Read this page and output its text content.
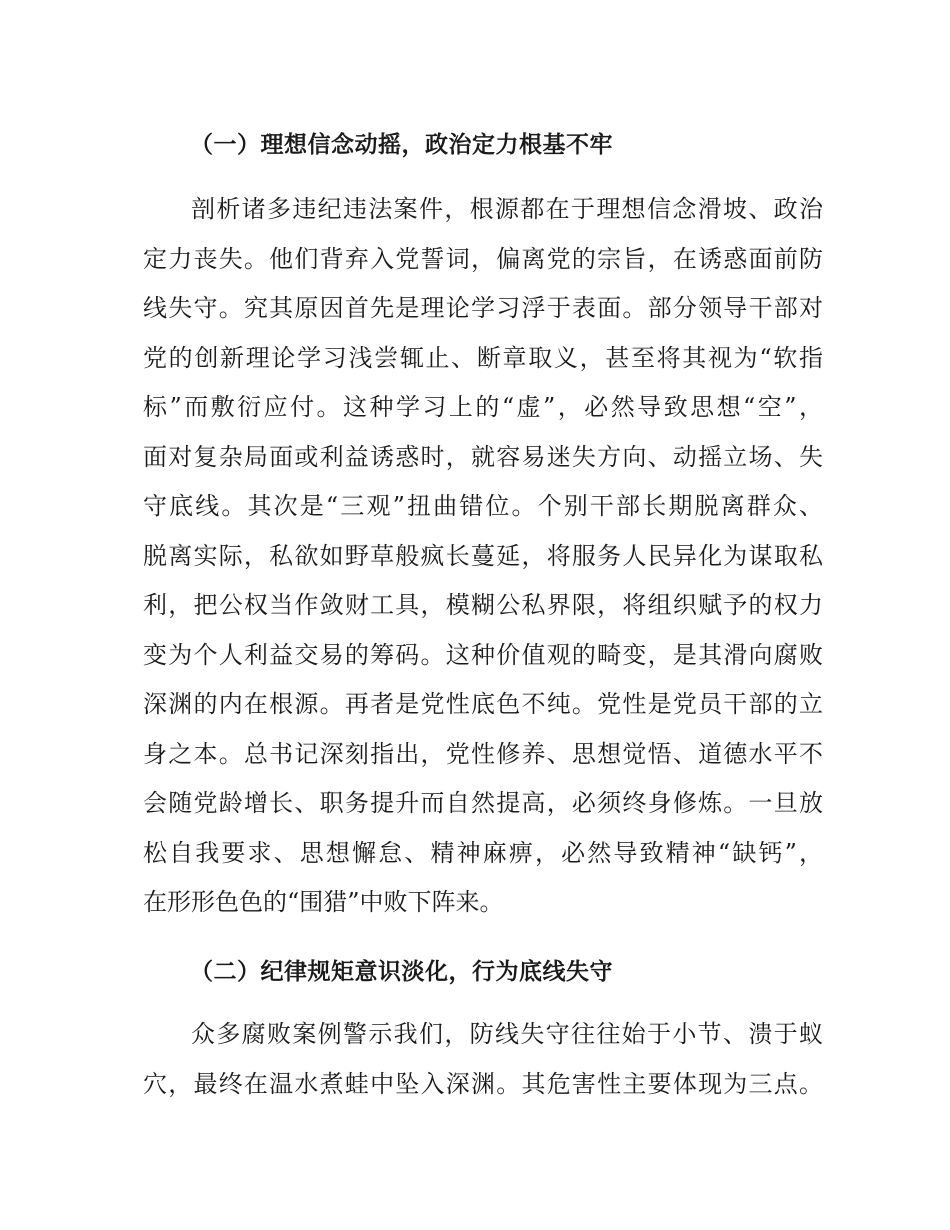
（一）理想信念动摇，政治定力根基不牢
剖析诸多违纪违法案件，根源都在于理想信念滑坡、政治
定力丧失。他们背弃入党誓词，偏离党的宗旨，在诱惑面前防
线失守。究其原因首先是理论学习浮于表面。部分领导干部对
党的创新理论学习浅尝辄止、断章取义，甚至将其视为“软指
标”而敷衍应付。这种学习上的“虚”，必然导致思想“空”，
面对复杂局面或利益诱惑时，就容易迷失方向、动摇立场、失
守底线。其次是“三观”扭曲错位。个别干部长期脱离群众、
脱离实际，私欲如野草般疯长蔓延，将服务人民异化为谋取私
利，把公权当作敛财工具，模糊公私界限，将组织赋予的权力
变为个人利益交易的筹码。这种价值观的畸变，是其滑向腐败
深渊的内在根源。再者是党性底色不纯。党性是党员干部的立
身之本。总书记深刻指出，党性修养、思想觉悟、道德水平不
会随党龄增长、职务提升而自然提高，必须终身修炼。一旦放
松自我要求、思想懈怠、精神麻痹，必然导致精神“缺钙”，
在形形色色的“围猎”中败下阵来。
（二）纪律规矩意识淡化，行为底线失守
众多腐败案例警示我们，防线失守往往始于小节、溃于蚁
穴，最终在温水煮蛙中坠入深渊。其危害性主要体现为三点。
